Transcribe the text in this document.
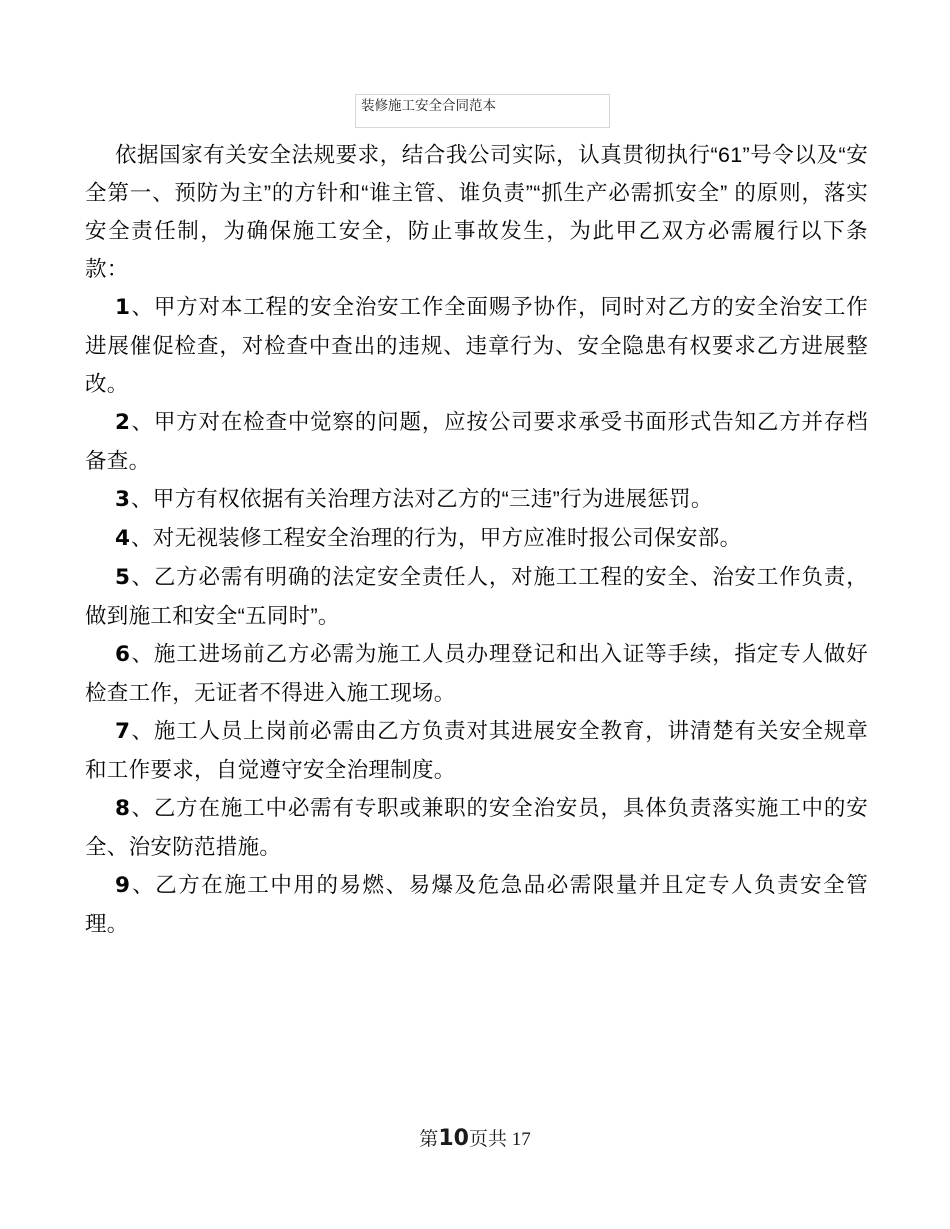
装修施工安全合同范本

依据国家有关安全法规要求，结合我公司实际，认真贯彻执行“61”号令以及“安全第一、预防为主”的方针和“谁主管、谁负责”“抓生产必需抓安全” 的原则，落实安全责任制，为确保施工安全，防止事故发生，为此甲乙双方必需履行以下条款：

1、甲方对本工程的安全治安工作全面赐予协作，同时对乙方的安全治安工作进展催促检查，对检查中查出的违规、违章行为、安全隐患有权要求乙方进展整改。

2、甲方对在检查中觉察的问题，应按公司要求承受书面形式告知乙方并存档备查。

3、甲方有权依据有关治理方法对乙方的“三违”行为进展惩罚。

4、对无视装修工程安全治理的行为，甲方应准时报公司保安部。

5、乙方必需有明确的法定安全责任人，对施工工程的安全、治安工作负责， 做到施工和安全“五同时”。

6、施工进场前乙方必需为施工人员办理登记和出入证等手续，指定专人做好检查工作，无证者不得进入施工现场。

7、施工人员上岗前必需由乙方负责对其进展安全教育，讲清楚有关安全规章和工作要求，自觉遵守安全治理制度。

8、乙方在施工中必需有专职或兼职的安全治安员，具体负责落实施工中的安全、治安防范措施。

9、乙方在施工中用的易燃、易爆及危急品必需限量并且定专人负责安全管理。

第10页共 17
